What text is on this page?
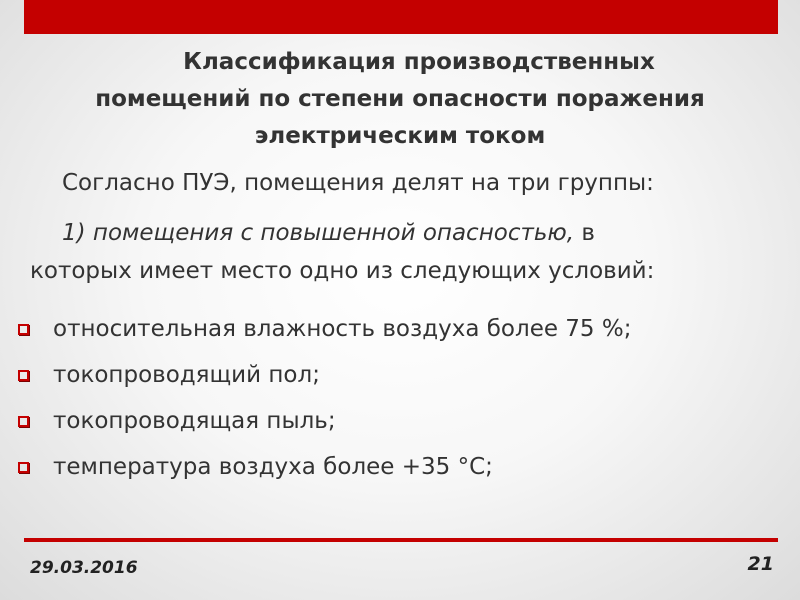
Классификация производственных
помещений по степени опасности поражения
электрическим током
Согласно ПУЭ, помещения делят на три группы:
1) помещения с повышенной опасностью, в
которых имеет место одно из следующих условий:
относительная влажность воздуха более 75 %;
токопроводящий пол;
токопроводящая пыль;
температура воздуха более +35 °С;
29.03.2016	21
